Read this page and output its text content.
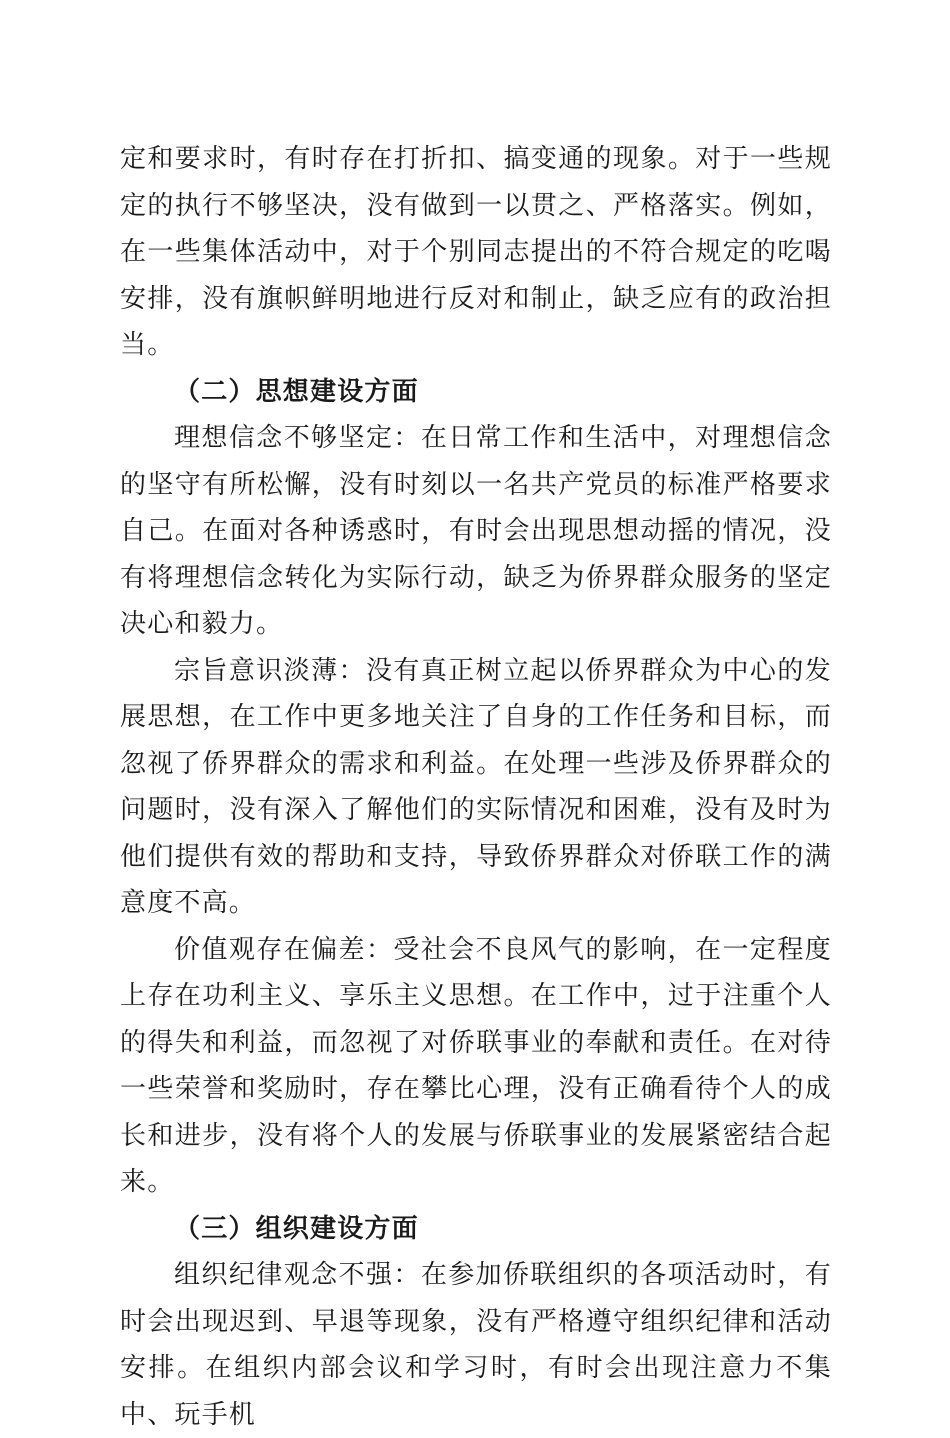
定和要求时，有时存在打折扣、搞变通的现象。对于一些规定的执行不够坚决，没有做到一以贯之、严格落实。例如，在一些集体活动中，对于个别同志提出的不符合规定的吃喝安排，没有旗帜鲜明地进行反对和制止，缺乏应有的政治担当。

（二）思想建设方面

理想信念不够坚定：在日常工作和生活中，对理想信念的坚守有所松懈，没有时刻以一名共产党员的标准严格要求自己。在面对各种诱惑时，有时会出现思想动摇的情况，没有将理想信念转化为实际行动，缺乏为侨界群众服务的坚定决心和毅力。

宗旨意识淡薄：没有真正树立起以侨界群众为中心的发展思想，在工作中更多地关注了自身的工作任务和目标，而忽视了侨界群众的需求和利益。在处理一些涉及侨界群众的问题时，没有深入了解他们的实际情况和困难，没有及时为他们提供有效的帮助和支持，导致侨界群众对侨联工作的满意度不高。

价值观存在偏差：受社会不良风气的影响，在一定程度上存在功利主义、享乐主义思想。在工作中，过于注重个人的得失和利益，而忽视了对侨联事业的奉献和责任。在对待一些荣誉和奖励时，存在攀比心理，没有正确看待个人的成长和进步，没有将个人的发展与侨联事业的发展紧密结合起来。

（三）组织建设方面

组织纪律观念不强：在参加侨联组织的各项活动时，有时会出现迟到、早退等现象，没有严格遵守组织纪律和活动安排。在组织内部会议和学习时，有时会出现注意力不集中、玩手机
